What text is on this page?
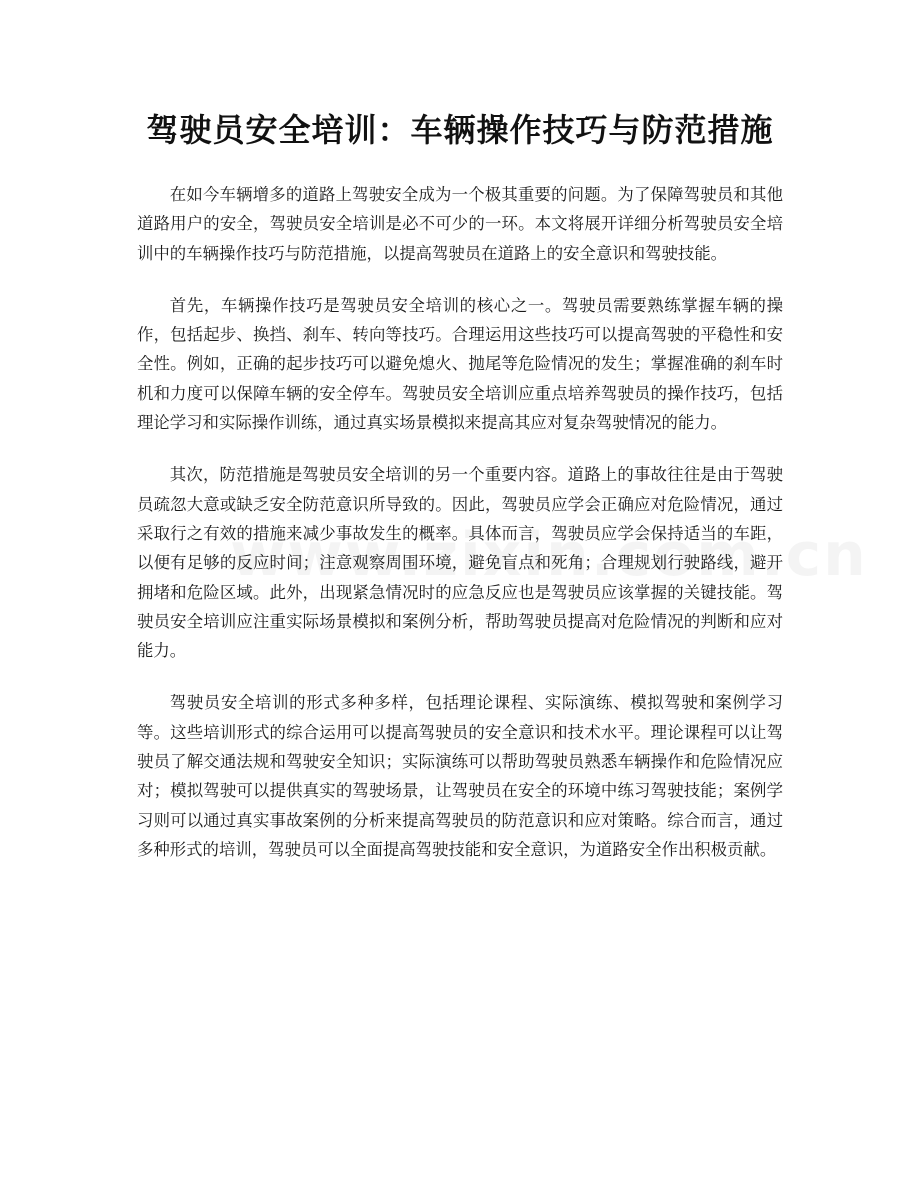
驾驶员安全培训：车辆操作技巧与防范措施

在如今车辆增多的道路上驾驶安全成为一个极其重要的问题。为了保障驾驶员和其他道路用户的安全，驾驶员安全培训是必不可少的一环。本文将展开详细分析驾驶员安全培训中的车辆操作技巧与防范措施，以提高驾驶员在道路上的安全意识和驾驶技能。

首先，车辆操作技巧是驾驶员安全培训的核心之一。驾驶员需要熟练掌握车辆的操作，包括起步、换挡、刹车、转向等技巧。合理运用这些技巧可以提高驾驶的平稳性和安全性。例如，正确的起步技巧可以避免熄火、抛尾等危险情况的发生；掌握准确的刹车时机和力度可以保障车辆的安全停车。驾驶员安全培训应重点培养驾驶员的操作技巧，包括理论学习和实际操作训练，通过真实场景模拟来提高其应对复杂驾驶情况的能力。

其次，防范措施是驾驶员安全培训的另一个重要内容。道路上的事故往往是由于驾驶员疏忽大意或缺乏安全防范意识所导致的。因此，驾驶员应学会正确应对危险情况，通过采取行之有效的措施来减少事故发生的概率。具体而言，驾驶员应学会保持适当的车距，以便有足够的反应时间；注意观察周围环境，避免盲点和死角；合理规划行驶路线，避开拥堵和危险区域。此外，出现紧急情况时的应急反应也是驾驶员应该掌握的关键技能。驾驶员安全培训应注重实际场景模拟和案例分析，帮助驾驶员提高对危险情况的判断和应对能力。

驾驶员安全培训的形式多种多样，包括理论课程、实际演练、模拟驾驶和案例学习等。这些培训形式的综合运用可以提高驾驶员的安全意识和技术水平。理论课程可以让驾驶员了解交通法规和驾驶安全知识；实际演练可以帮助驾驶员熟悉车辆操作和危险情况应对；模拟驾驶可以提供真实的驾驶场景，让驾驶员在安全的环境中练习驾驶技能；案例学习则可以通过真实事故案例的分析来提高驾驶员的防范意识和应对策略。综合而言，通过多种形式的培训，驾驶员可以全面提高驾驶技能和安全意识，为道路安全作出积极贡献。
